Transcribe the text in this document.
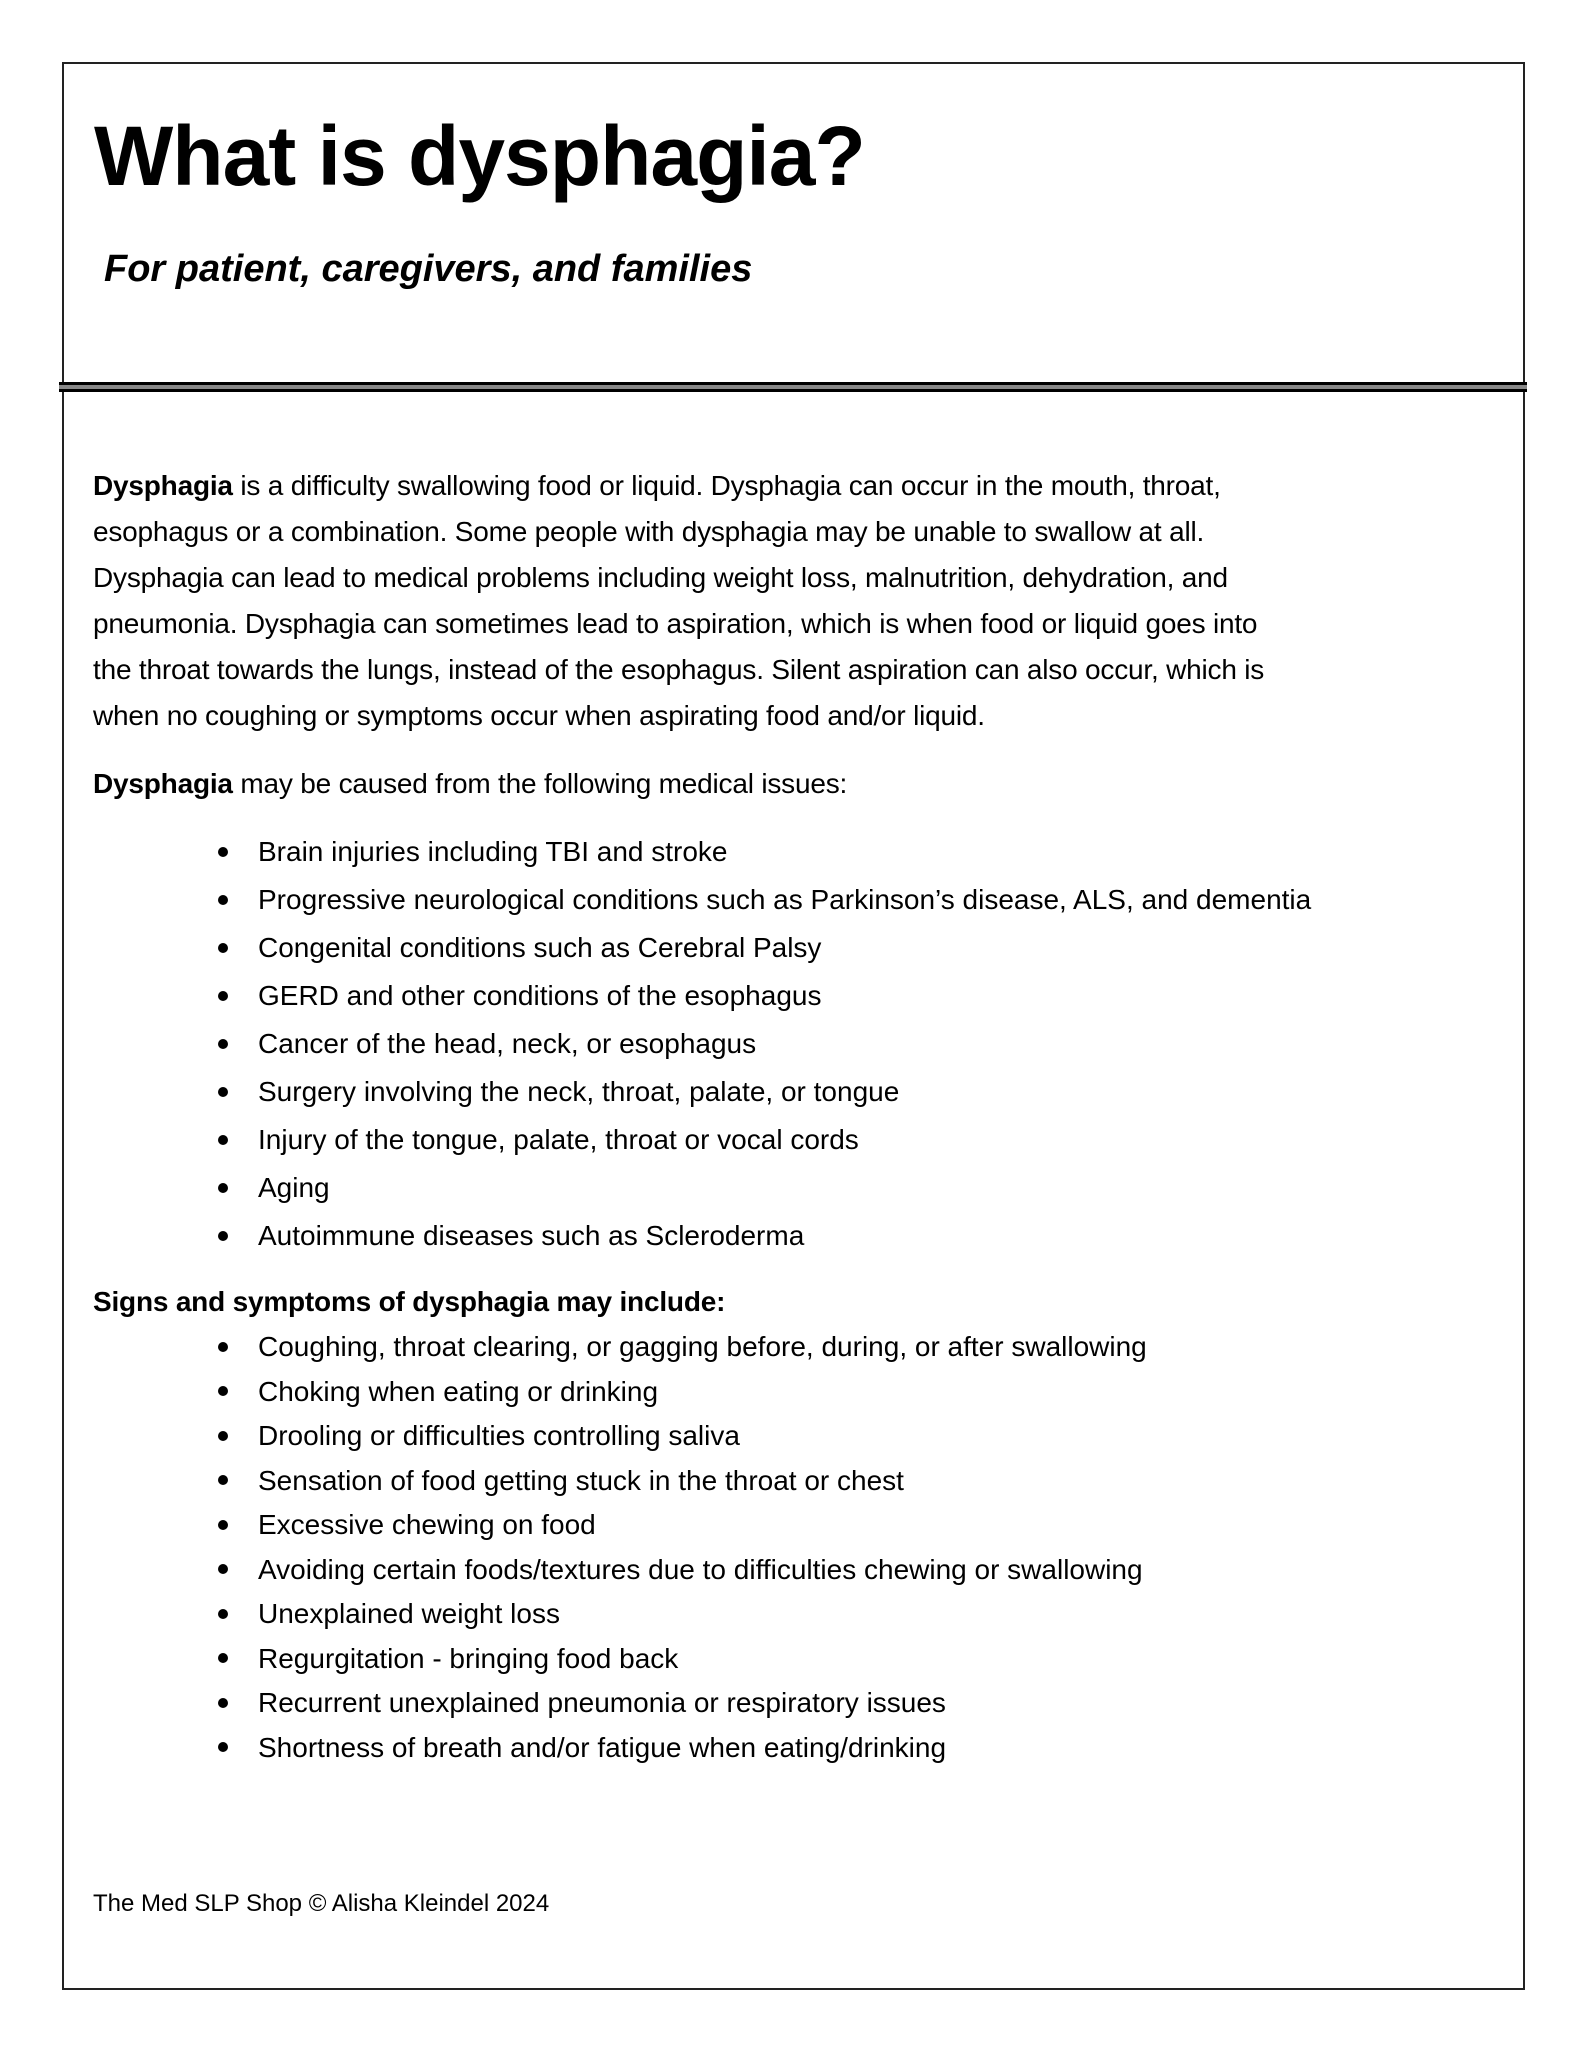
What is dysphagia?
For patient, caregivers, and families
Dysphagia is a difficulty swallowing food or liquid. Dysphagia can occur in the mouth, throat,
esophagus or a combination. Some people with dysphagia may be unable to swallow at all.
Dysphagia can lead to medical problems including weight loss, malnutrition, dehydration, and
pneumonia. Dysphagia can sometimes lead to aspiration, which is when food or liquid goes into
the throat towards the lungs, instead of the esophagus. Silent aspiration can also occur, which is
when no coughing or symptoms occur when aspirating food and/or liquid.
Dysphagia may be caused from the following medical issues:
Brain injuries including TBI and stroke
Progressive neurological conditions such as Parkinson’s disease, ALS, and dementia
Congenital conditions such as Cerebral Palsy
GERD and other conditions of the esophagus
Cancer of the head, neck, or esophagus
Surgery involving the neck, throat, palate, or tongue
Injury of the tongue, palate, throat or vocal cords
Aging
Autoimmune diseases such as Scleroderma
Signs and symptoms of dysphagia may include:
Coughing, throat clearing, or gagging before, during, or after swallowing
Choking when eating or drinking
Drooling or difficulties controlling saliva
Sensation of food getting stuck in the throat or chest
Excessive chewing on food
Avoiding certain foods/textures due to difficulties chewing or swallowing
Unexplained weight loss
Regurgitation - bringing food back
Recurrent unexplained pneumonia or respiratory issues
Shortness of breath and/or fatigue when eating/drinking
The Med SLP Shop © Alisha Kleindel 2024
